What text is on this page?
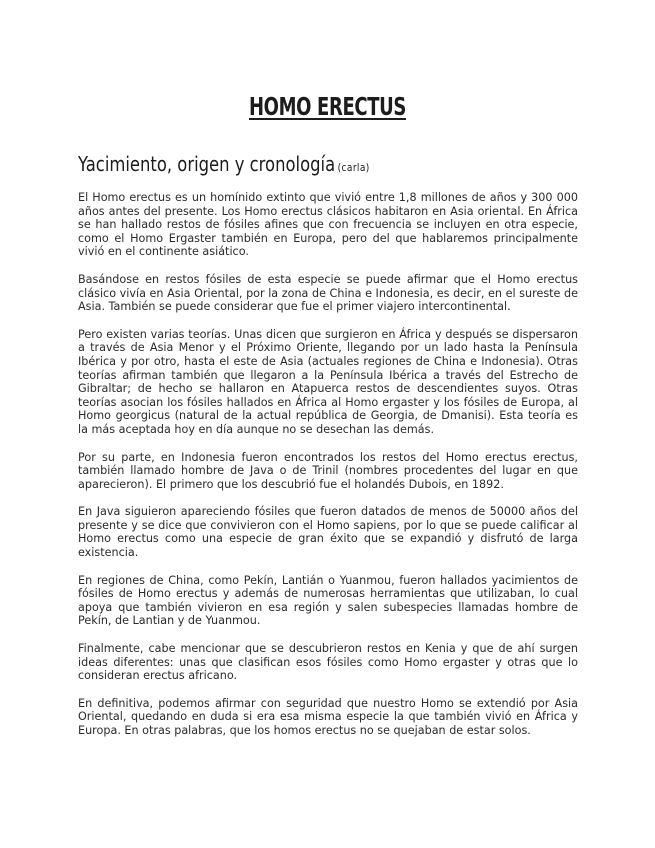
HOMO ERECTUS
Yacimiento, origen y cronología (carla)

El Homo erectus es un homínido extinto que vivió entre 1,8 millones de años y 300 000 años antes del presente. Los Homo erectus clásicos habitaron en Asia oriental. En África se han hallado restos de fósiles afines que con frecuencia se incluyen en otra especie, como el Homo Ergaster también en Europa, pero del que hablaremos principalmente vivió en el continente asiático.

Basándose en restos fósiles de esta especie se puede afirmar que el Homo erectus clásico vivía en Asia Oriental, por la zona de China e Indonesia, es decir, en el sureste de Asia. También se puede considerar que fue el primer viajero intercontinental.

Pero existen varias teorías. Unas dicen que surgieron en África y después se dispersaron a través de Asia Menor y el Próximo Oriente, llegando por un lado hasta la Península Ibérica y por otro, hasta el este de Asia (actuales regiones de China e Indonesia). Otras teorías afirman también que llegaron a la Península Ibérica a través del Estrecho de Gibraltar; de hecho se hallaron en Atapuerca restos de descendientes suyos. Otras teorías asocian los fósiles hallados en África al Homo ergaster y los fósiles de Europa, al Homo georgicus (natural de la actual república de Georgia, de Dmanisi). Esta teoría es la más aceptada hoy en día aunque no se desechan las demás.

Por su parte, en Indonesia fueron encontrados los restos del Homo erectus erectus, también llamado hombre de Java o de Trinil (nombres procedentes del lugar en que aparecieron). El primero que los descubrió fue el holandés Dubois, en 1892.

En Java siguieron apareciendo fósiles que fueron datados de menos de 50000 años del presente y se dice que convivieron con el Homo sapiens, por lo que se puede calificar al Homo erectus como una especie de gran éxito que se expandió y disfrutó de larga existencia.

En regiones de China, como Pekín, Lantián o Yuanmou, fueron hallados yacimientos de fósiles de Homo erectus y además de numerosas herramientas que utilizaban, lo cual apoya que también vivieron en esa región y salen subespecies llamadas hombre de Pekín, de Lantian y de Yuanmou.

Finalmente, cabe mencionar que se descubrieron restos en Kenia y que de ahí surgen ideas diferentes: unas que clasifican esos fósiles como Homo ergaster y otras que lo consideran erectus africano.

En definitiva, podemos afirmar con seguridad que nuestro Homo se extendió por Asia Oriental, quedando en duda si era esa misma especie la que también vivió en África y Europa. En otras palabras, que los homos erectus no se quejaban de estar solos.
